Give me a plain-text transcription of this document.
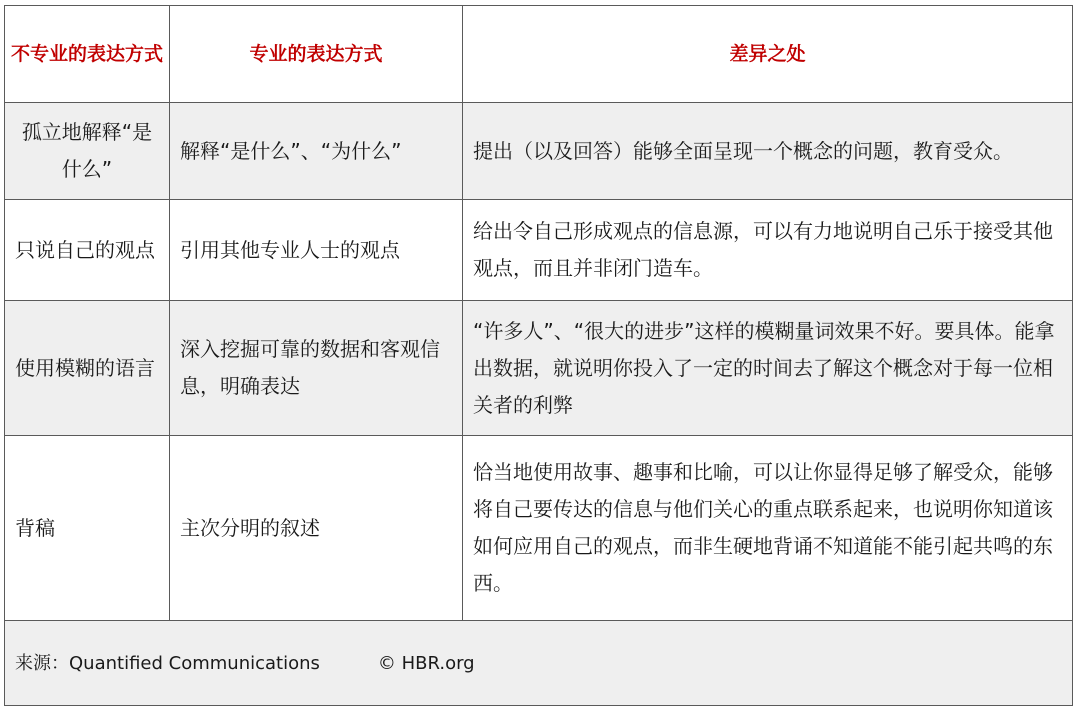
不专业的表达方式	专业的表达方式	差异之处
孤立地解释“是什么”	解释“是什么”、“为什么”	提出（以及回答）能够全面呈现一个概念的问题，教育受众。
只说自己的观点	引用其他专业人士的观点	给出令自己形成观点的信息源，可以有力地说明自己乐于接受其他观点，而且并非闭门造车。
使用模糊的语言	深入挖掘可靠的数据和客观信息，明确表达	“许多人”、“很大的进步”这样的模糊量词效果不好。要具体。能拿出数据，就说明你投入了一定的时间去了解这个概念对于每一位相关者的利弊
背稿	主次分明的叙述	恰当地使用故事、趣事和比喻，可以让你显得足够了解受众，能够将自己要传达的信息与他们关心的重点联系起来，也说明你知道该如何应用自己的观点，而非生硬地背诵不知道能不能引起共鸣的东西。
来源：Quantified Communications © HBR.org		
